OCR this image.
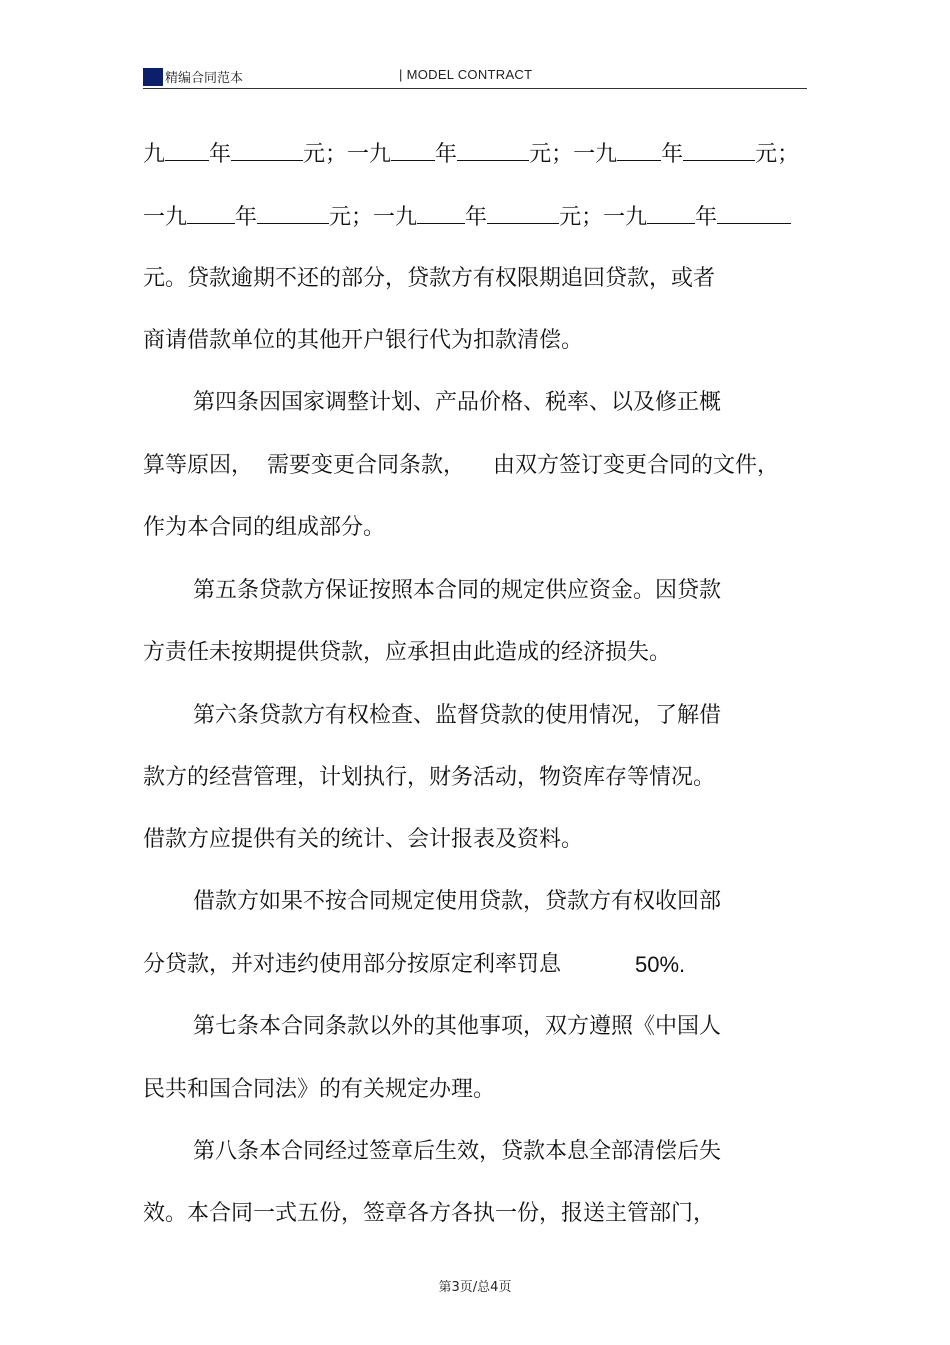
精编合同范本	| MODEL CONTRACT
九 年	元；一九 年	元；一九 年	元；
一九 年	元；一九 年	元；一九 年
元。贷款逾期不还的部分，贷款方有权限期追回贷款，或者
商请借款单位的其他开户银行代为扣款清偿。
第四条因国家调整计划、产品价格、税率、以及修正概
算等原因，  需要变更合同条款，    由双方签订变更合同的文件，
作为本合同的组成部分。
第五条贷款方保证按照本合同的规定供应资金。因贷款
方责任未按期提供贷款，应承担由此造成的经济损失。
第六条贷款方有权检查、监督贷款的使用情况，了解借
款方的经营管理，计划执行，财务活动，物资库存等情况。
借款方应提供有关的统计、会计报表及资料。
借款方如果不按合同规定使用贷款，贷款方有权收回部
分贷款，并对违约使用部分按原定利率罚息	50%.
第七条本合同条款以外的其他事项，双方遵照《中国人
民共和国合同法》的有关规定办理。
第八条本合同经过签章后生效，贷款本息全部清偿后失
效。本合同一式五份，签章各方各执一份，报送主管部门，
第3页/总4页
